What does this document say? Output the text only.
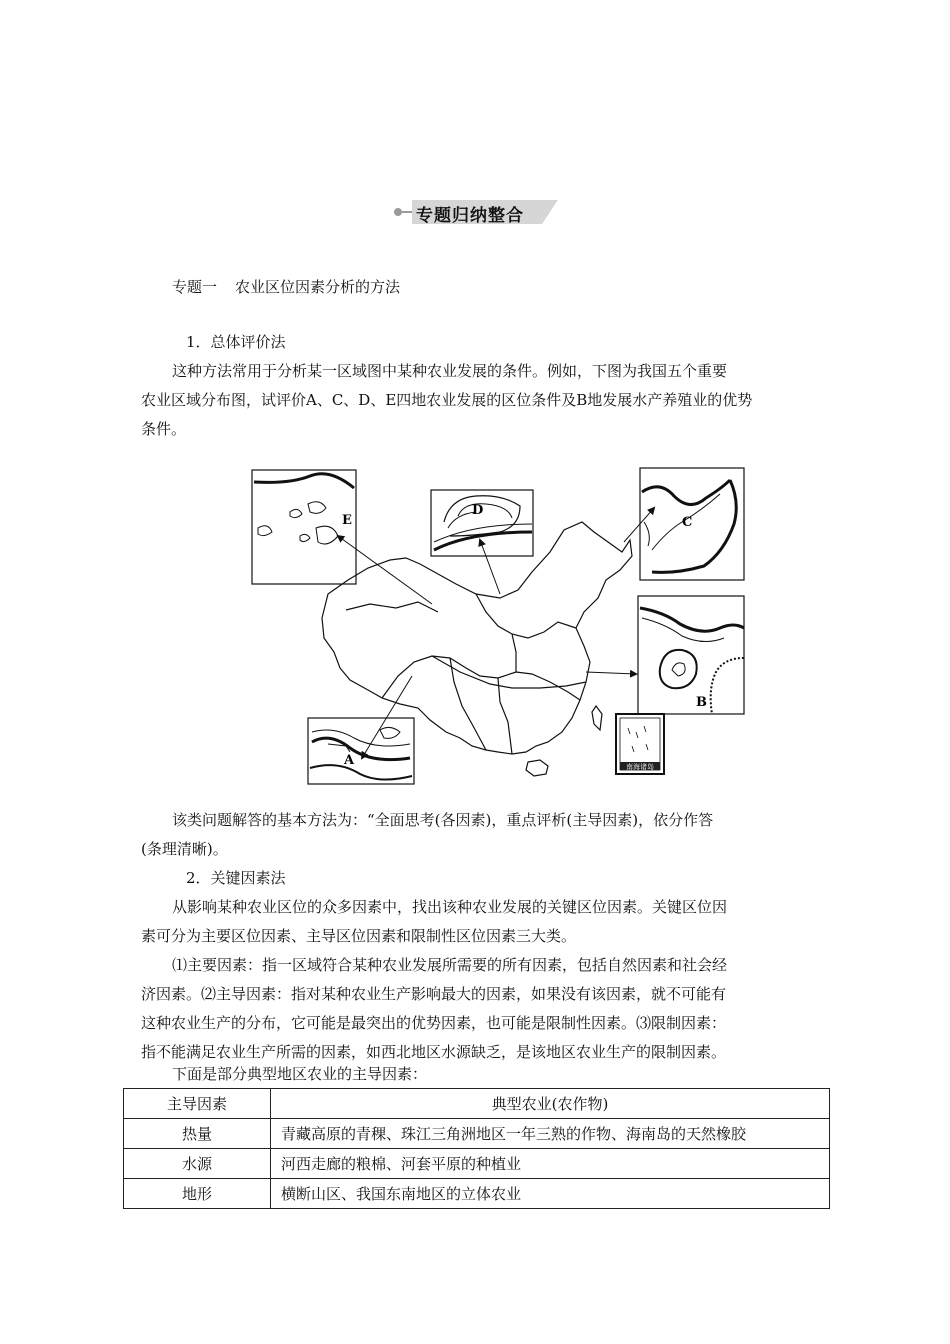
专题归纳整合
专题一 农业区位因素分析的方法
1．总体评价法
这种方法常用于分析某一区域图中某种农业发展的条件。例如，下图为我国五个重要
农业区域分布图，试评价A、C、D、E四地农业发展的区位条件及B地发展水产养殖业的优势
条件。
南海诸岛
E
D
C
B
A
该类问题解答的基本方法为：“全面思考(各因素)，重点评析(主导因素)，依分作答
(条理清晰)。
2．关键因素法
从影响某种农业区位的众多因素中，找出该种农业发展的关键区位因素。关键区位因
素可分为主要区位因素、主导区位因素和限制性区位因素三大类。
⑴主要因素：指一区域符合某种农业发展所需要的所有因素，包括自然因素和社会经
济因素。⑵主导因素：指对某种农业生产影响最大的因素，如果没有该因素，就不可能有
这种农业生产的分布，它可能是最突出的优势因素，也可能是限制性因素。⑶限制因素：
指不能满足农业生产所需的因素，如西北地区水源缺乏，是该地区农业生产的限制因素。
下面是部分典型地区农业的主导因素：
主导因素	典型农业(农作物)
热量	青藏高原的青稞、珠江三角洲地区一年三熟的作物、海南岛的天然橡胶
水源	河西走廊的粮棉、河套平原的种植业
地形	横断山区、我国东南地区的立体农业
